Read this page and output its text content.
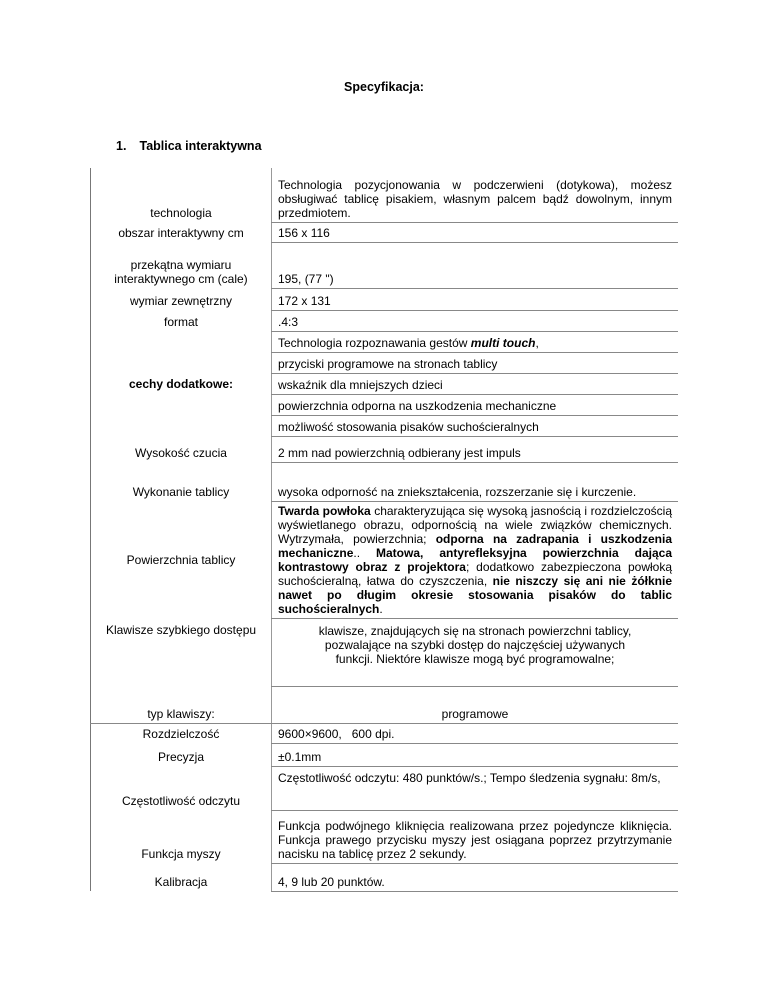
Specyfikacja:
1. Tablica interaktywna
technologia	Technologia pozycjonowania w podczerwieni (dotykowa), możesz obsługiwać tablicę pisakiem, własnym palcem bądź dowolnym, innym przedmiotem.
obszar interaktywny cm	156 x 116
przekątna wymiaru interaktywnego cm (cale)	195, (77 ")
wymiar zewnętrzny	172 x 131
format	.4:3
cechy dodatkowe:	Technologia rozpoznawania gestów multi touch,
	przyciski programowe na stronach tablicy
	wskaźnik dla mniejszych dzieci
	powierzchnia odporna na uszkodzenia mechaniczne
	możliwość stosowania pisaków suchościeralnych
Wysokość czucia	2 mm nad powierzchnią odbierany jest impuls
Wykonanie tablicy	wysoka odporność na zniekształcenia, rozszerzanie się i kurczenie.
Powierzchnia tablicy	Twarda powłoka charakteryzująca się wysoką jasnością i rozdzielczością wyświetlanego obrazu, odpornością na wiele związków chemicznych. Wytrzymała, powierzchnia; odporna na zadrapania i uszkodzenia mechaniczne.. Matowa, antyrefleksyjna powierzchnia dająca kontrastowy obraz z projektora; dodatkowo zabezpieczona powłoką suchościeralną, łatwa do czyszczenia, nie niszczy się ani nie żółknie nawet po długim okresie stosowania pisaków do tablic suchościeralnych.
Klawisze szybkiego dostępu	klawisze, znajdujących się na stronach powierzchni tablicy, pozwalające na szybki dostęp do najczęściej używanych funkcji. Niektóre klawisze mogą być programowalne;
typ klawiszy:	programowe
Rozdzielczość	9600×9600,   600 dpi.
Precyzja	±0.1mm
Częstotliwość odczytu	Częstotliwość odczytu: 480 punktów/s.; Tempo śledzenia sygnału: 8m/s,
Funkcja myszy	Funkcja podwójnego kliknięcia realizowana przez pojedyncze kliknięcia. Funkcja prawego przycisku myszy jest osiągana poprzez przytrzymanie nacisku na tablicę przez 2 sekundy.
Kalibracja	4, 9 lub 20 punktów.
